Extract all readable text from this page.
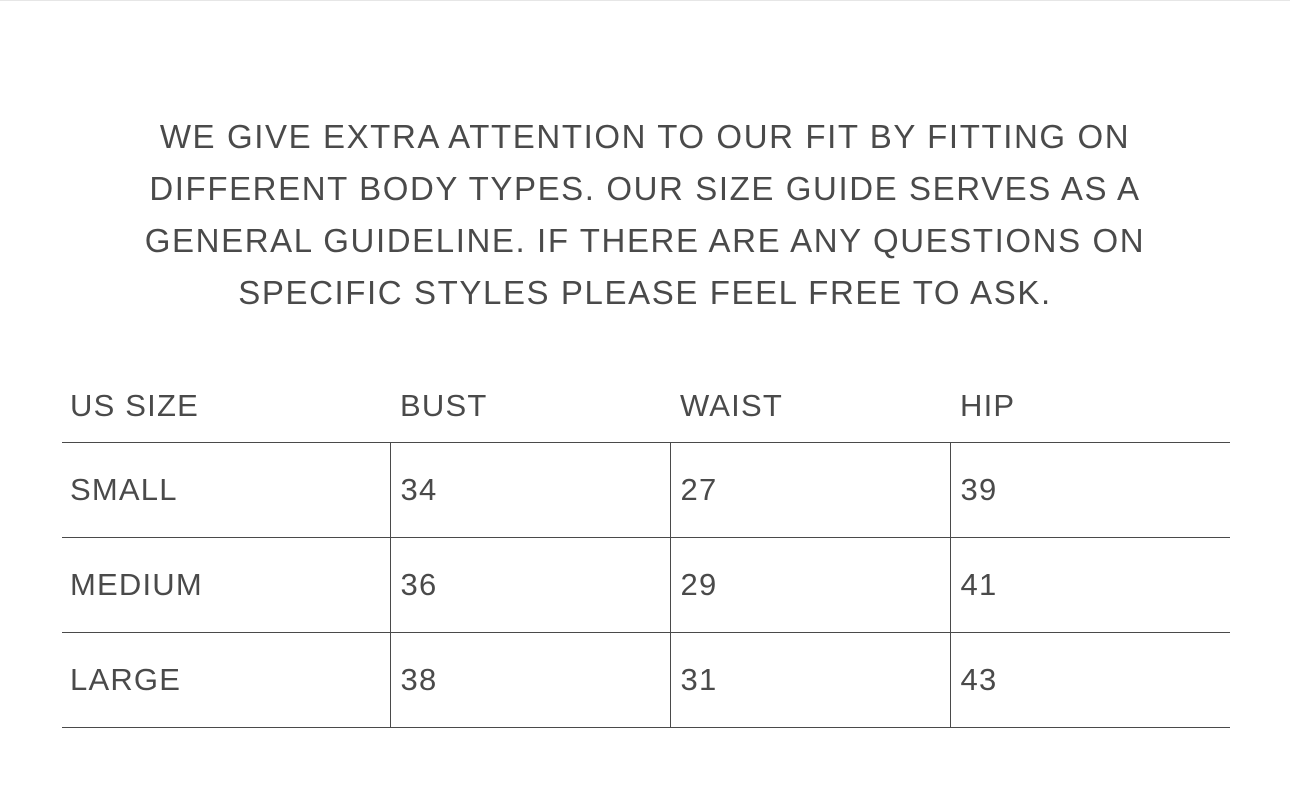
WE GIVE EXTRA ATTENTION TO OUR FIT BY FITTING ON DIFFERENT BODY TYPES. OUR SIZE GUIDE SERVES AS A GENERAL GUIDELINE. IF THERE ARE ANY QUESTIONS ON SPECIFIC STYLES PLEASE FEEL FREE TO ASK.

US SIZE	BUST	WAIST	HIP
SMALL	34	27	39
MEDIUM	36	29	41
LARGE	38	31	43
